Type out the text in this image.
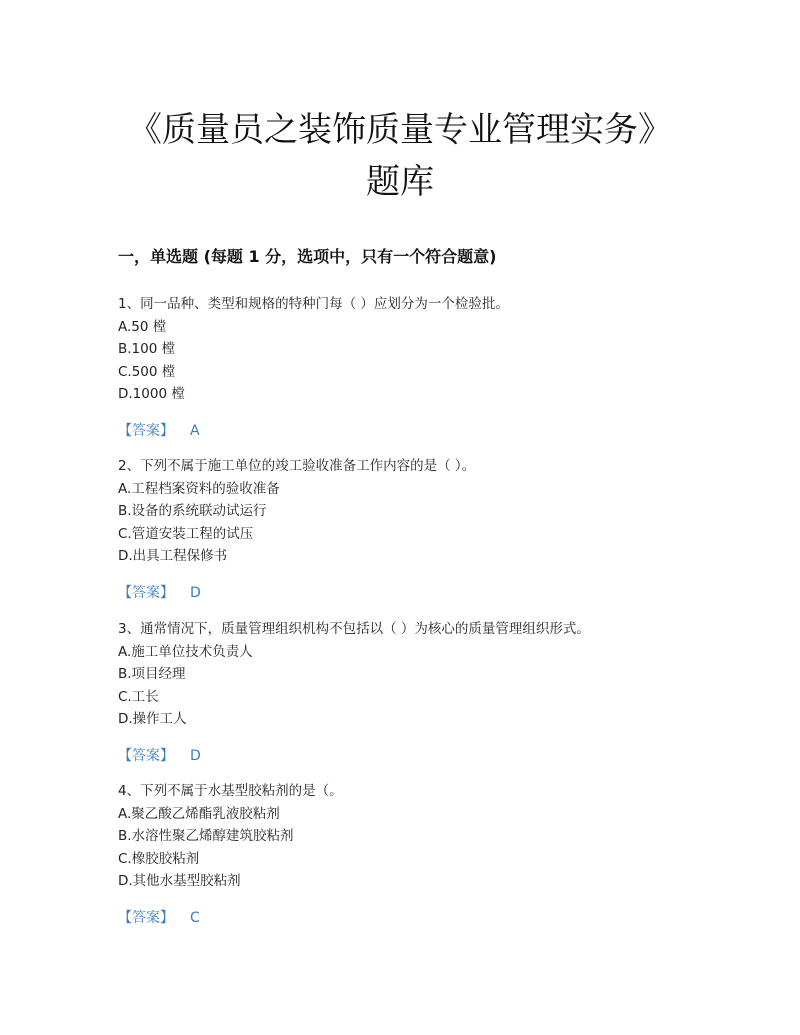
《质量员之装饰质量专业管理实务》
题库
一，单选题 (每题 1 分，选项中，只有一个符合题意)

1、同一品种、类型和规格的特种门每（ ）应划分为一个检验批。

A.50 樘

B.100 樘

C.500 樘

D.1000 樘

【答案】 A

2、下列不属于施工单位的竣工验收准备工作内容的是（ ）。

A.工程档案资料的验收准备

B.设备的系统联动试运行

C.管道安装工程的试压

D.出具工程保修书

【答案】 D

3、通常情况下，质量管理组织机构不包括以（ ）为核心的质量管理组织形式。

A.施工单位技术负责人

B.项目经理

C.工长

D.操作工人

【答案】 D

4、下列不属于水基型胶粘剂的是（。

A.聚乙酸乙烯酯乳液胶粘剂

B.水溶性聚乙烯醇建筑胶粘剂

C.橡胶胶粘剂

D.其他水基型胶粘剂

【答案】 C
